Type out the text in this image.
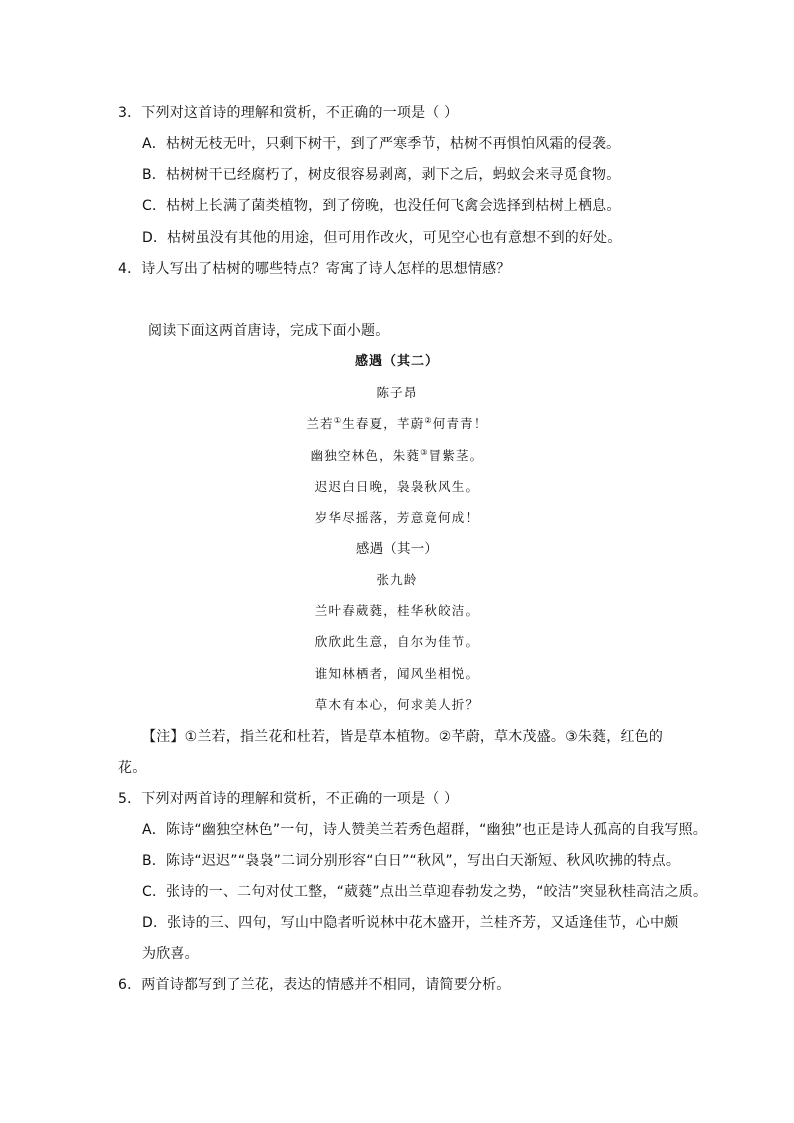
3．下列对这首诗的理解和赏析，不正确的一项是（ ）
A．枯树无枝无叶，只剩下树干，到了严寒季节，枯树不再惧怕风霜的侵袭。
B．枯树树干已经腐朽了，树皮很容易剥离，剥下之后，蚂蚁会来寻觅食物。
C．枯树上长满了菌类植物，到了傍晚，也没任何飞禽会选择到枯树上栖息。
D．枯树虽没有其他的用途，但可用作改火，可见空心也有意想不到的好处。
4．诗人写出了枯树的哪些特点？寄寓了诗人怎样的思想情感？
阅读下面这两首唐诗，完成下面小题。
感遇（其二）
陈子昂
兰若①生春夏，芊蔚②何青青！
幽独空林色，朱蕤③冒紫茎。
迟迟白日晚，袅袅秋风生。
岁华尽摇落，芳意竟何成！
感遇（其一）
张九龄
兰叶春葳蕤，桂华秋皎洁。
欣欣此生意，自尔为佳节。
谁知林栖者，闻风坐相悦。
草木有本心，何求美人折？
【注】①兰若，指兰花和杜若，皆是草本植物。②芊蔚，草木茂盛。③朱蕤，红色的
花。
5．下列对两首诗的理解和赏析，不正确的一项是（ ）
A．陈诗“幽独空林色”一句，诗人赞美兰若秀色超群，“幽独”也正是诗人孤高的自我写照。
B．陈诗“迟迟”“袅袅”二词分别形容“白日”“秋风”，写出白天渐短、秋风吹拂的特点。
C．张诗的一、二句对仗工整，“葳蕤”点出兰草迎春勃发之势，“皎洁”突显秋桂高洁之质。
D．张诗的三、四句，写山中隐者听说林中花木盛开，兰桂齐芳，又适逢佳节，心中颇
为欣喜。
6．两首诗都写到了兰花，表达的情感并不相同，请简要分析。
